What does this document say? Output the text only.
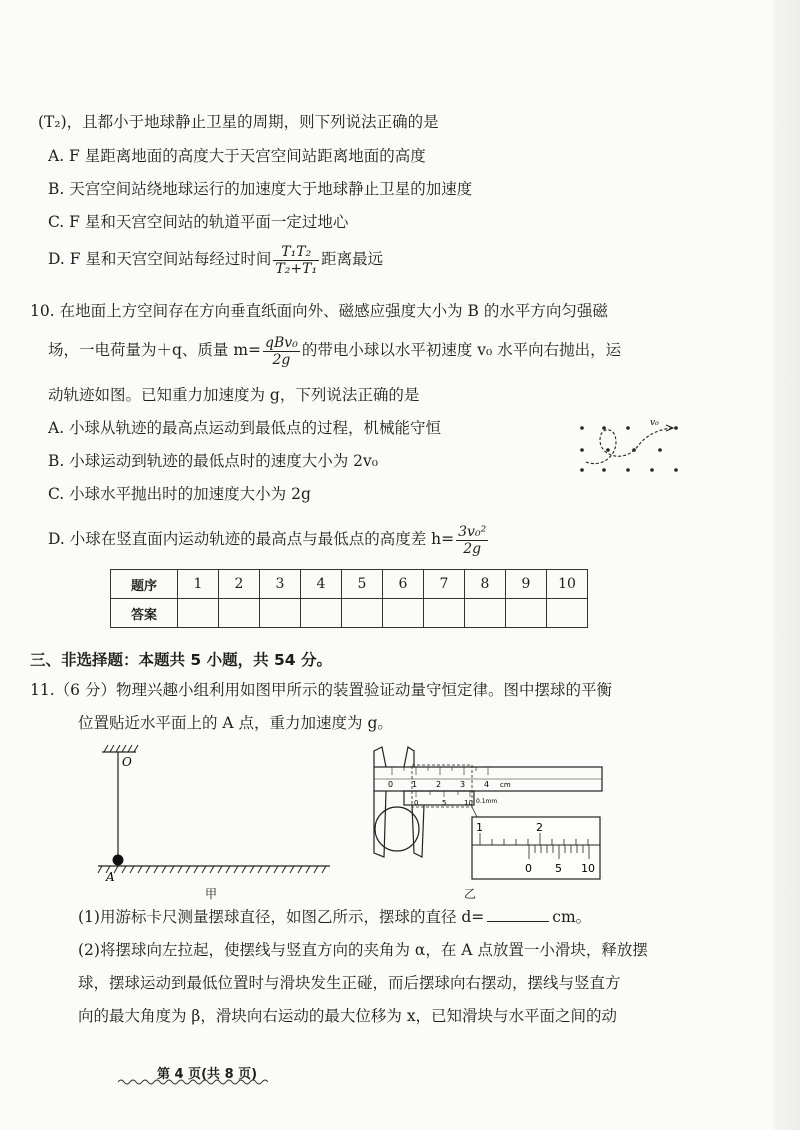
(T₂)，且都小于地球静止卫星的周期，则下列说法正确的是
A. F 星距离地面的高度大于天宫空间站距离地面的高度
B. 天宫空间站绕地球运行的加速度大于地球静止卫星的加速度
C. F 星和天宫空间站的轨道平面一定过地心
D. F 星和天宫空间站每经过时间 $\frac{\text{T₁T₂}}{\text{T₂+T₁}}$ 距离最远
10. 在地面上方空间存在方向垂直纸面向外、磁感应强度大小为 B 的水平方向匀强磁
场，一电荷量为＋q、质量 $m= \frac{\text{qBv₀}}{2g}$ 的带电小球以水平初速度 v₀ 水平向右抛出，运
动轨迹如图。已知重力加速度为 g，下列说法正确的是
A. 小球从轨迹的最高点运动到最低点的过程，机械能守恒
B. 小球运动到轨迹的最低点时的速度大小为 2v₀
C. 小球水平抛出时的加速度大小为 2g
D. 小球在竖直面内运动轨迹的最高点与最低点的高度差 $h= \frac{\text{3v₀²}}{2g}$
v₀
题序	1	2	3	4	5	6	7	8	9	10
答案										
三、非选择题：本题共 5 小题，共 54 分。
11.（6 分）物理兴趣小组利用如图甲所示的装置验证动量守恒定律。图中摆球的平衡
位置贴近水平面上的 A 点，重力加速度为 g。
O
A
甲
0 1 2 3 4 cm
0	5	10 0.1mm
1	2
0 5 10
乙
(1)用游标卡尺测量摆球直径，如图乙所示，摆球的直径 d=	cm。
(2)将摆球向左拉起，使摆线与竖直方向的夹角为 α，在 A 点放置一小滑块，释放摆
球，摆球运动到最低位置时与滑块发生正碰，而后摆球向右摆动，摆线与竖直方
向的最大角度为 β，滑块向右运动的最大位移为 x，已知滑块与水平面之间的动
第 4 页(共 8 页)
